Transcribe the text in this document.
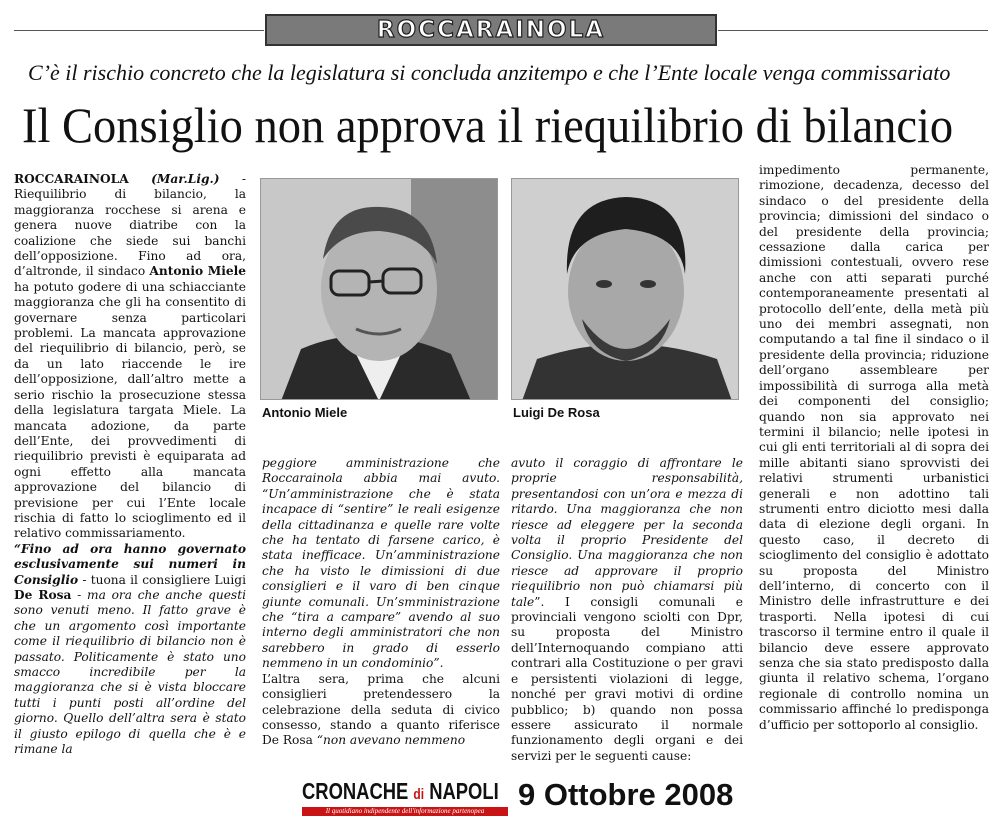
ROCCARAINOLA
C’è il rischio concreto che la legislatura si concluda anzitempo e che l’Ente locale venga commissariato
Il Consiglio non approva il riequilibrio di bilancio

ROCCARAINOLA (Mar.Lig.) - Riequilibrio di bilancio, la maggioranza rocchese si arena e genera nuove diatribe con la coalizione che siede sui banchi dell’opposizione. Fino ad ora, d’altronde, il sindaco Antonio Miele ha potuto godere di una schiacciante maggioranza che gli ha consentito di governare senza particolari problemi. La mancata approvazione del riequilibrio di bilancio, però, se da un lato riaccende le ire dell’opposizione, dall’altro mette a serio rischio la prosecuzione stessa della legislatura targata Miele. La mancata adozione, da parte dell’Ente, dei provvedimenti di riequilibrio previsti è equiparata ad ogni effetto alla mancata approvazione del bilancio di previsione per cui l’Ente locale rischia di fatto lo scioglimento ed il relativo commissariamento.

“Fino ad ora hanno governato esclusivamente sui numeri in Consiglio - tuona il consigliere Luigi De Rosa - ma ora che anche questi sono venuti meno. Il fatto grave è che un argomento così importante come il riequilibrio di bilancio non è passato. Politicamente è stato uno smacco incredibile per la maggioranza che si è vista bloccare tutti i punti posti all’ordine del giorno. Quello dell’altra sera è stato il giusto epilogo di quella che è e rimane la

Antonio Miele	Luigi De Rosa

peggiore amministrazione che Roccarainola abbia mai avuto. “Un’amministrazione che è stata incapace di “sentire” le reali esigenze della cittadinanza e quelle rare volte che ha tentato di farsene carico, è stata inefficace. Un’amministrazione che ha visto le dimissioni di due consiglieri e il varo di ben cinque giunte comunali. Un’smministrazione che “tira a campare” avendo al suo interno degli amministratori che non sarebbero in grado di esserlo nemmeno in un condominio”.

L’altra sera, prima che alcuni consiglieri pretendessero la celebrazione della seduta di civico consesso, stando a quanto riferisce De Rosa “non avevano nemmeno

avuto il coraggio di affrontare le proprie responsabilità, presentandosi con un’ora e mezza di ritardo. Una maggioranza che non riesce ad eleggere per la seconda volta il proprio Presidente del Consiglio. Una maggioranza che non riesce ad approvare il proprio riequilibrio non può chiamarsi più tale”. I consigli comunali e provinciali vengono sciolti con Dpr, su proposta del Ministro dell’Internoquando compiano atti contrari alla Costituzione o per gravi e persistenti violazioni di legge, nonché per gravi motivi di ordine pubblico; b) quando non possa essere assicurato il normale funzionamento degli organi e dei servizi per le seguenti cause:

impedimento permanente, rimozione, decadenza, decesso del sindaco o del presidente della provincia; dimissioni del sindaco o del presidente della provincia; cessazione dalla carica per dimissioni contestuali, ovvero rese anche con atti separati purché contemporaneamente presentati al protocollo dell’ente, della metà più uno dei membri assegnati, non computando a tal fine il sindaco o il presidente della provincia; riduzione dell’organo assembleare per impossibilità di surroga alla metà dei componenti del consiglio; quando non sia approvato nei termini il bilancio; nelle ipotesi in cui gli enti territoriali al di sopra dei mille abitanti siano sprovvisti dei relativi strumenti urbanistici generali e non adottino tali strumenti entro diciotto mesi dalla data di elezione degli organi. In questo caso, il decreto di scioglimento del consiglio è adottato su proposta del Ministro dell’interno, di concerto con il Ministro delle infrastrutture e dei trasporti. Nella ipotesi di cui trascorso il termine entro il quale il bilancio deve essere approvato senza che sia stato predisposto dalla giunta il relativo schema, l’organo regionale di controllo nomina un commissario affinché lo predisponga d’ufficio per sottoporlo al consiglio.

CRONACHE di NAPOLI
Il quotidiano indipendente dell'informazione partenopea	9 Ottobre 2008
